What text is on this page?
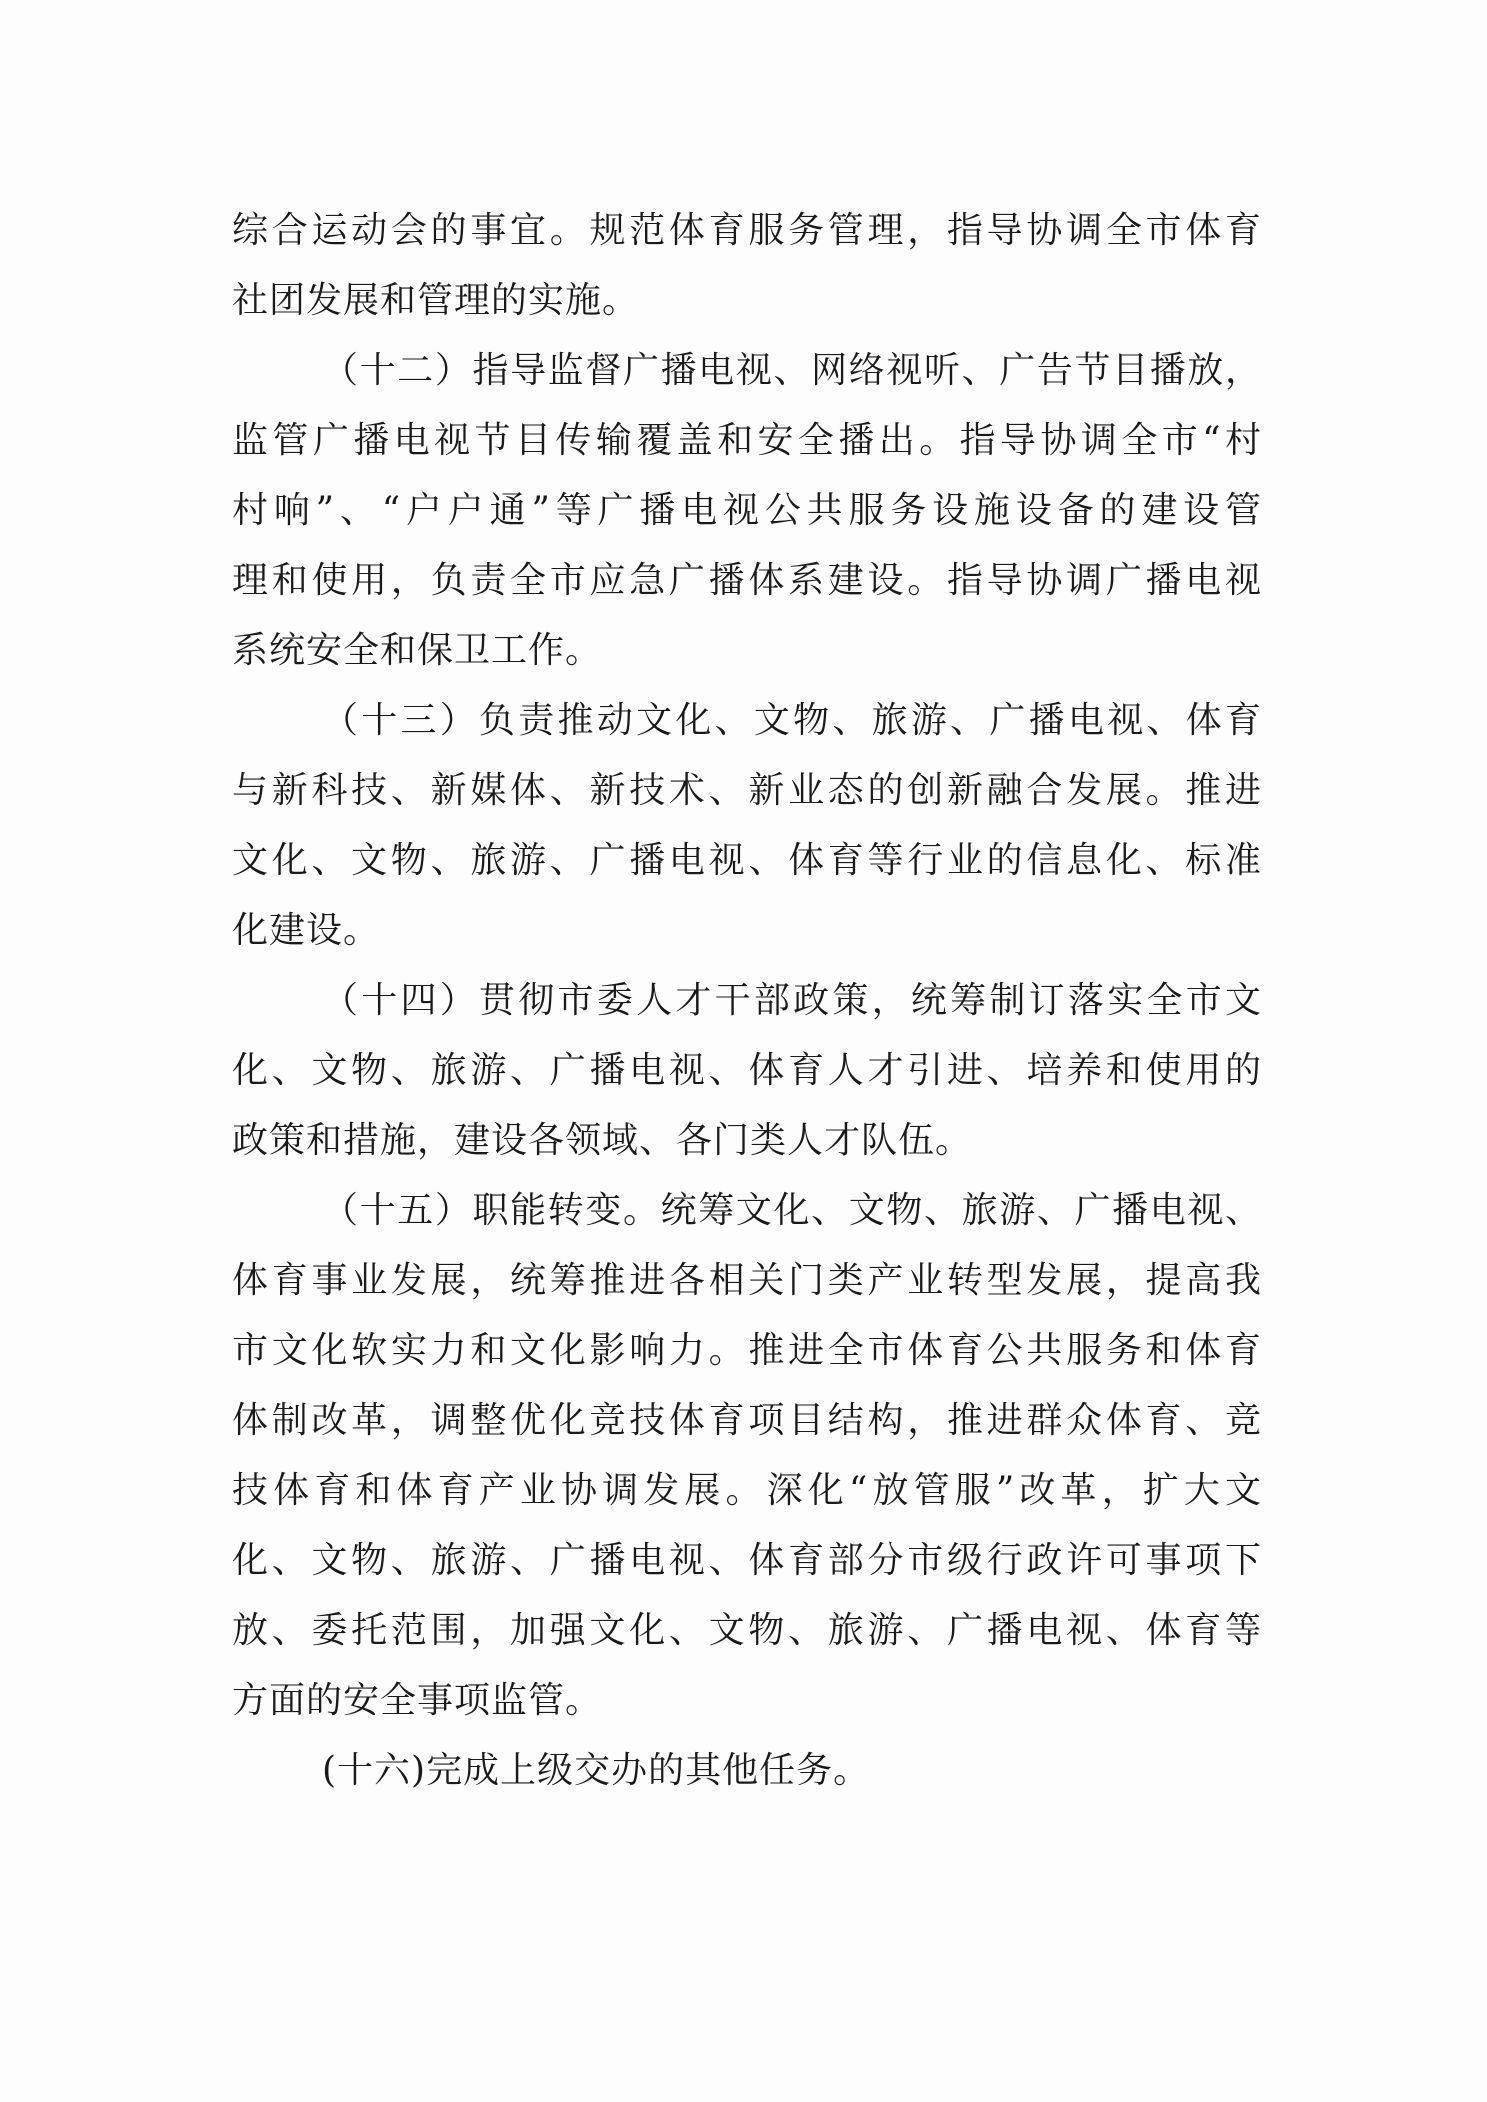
综合运动会的事宜。规范体育服务管理，指导协调全市体育
社团发展和管理的实施。
（十二）指导监督广播电视、网络视听、广告节目播放，
监管广播电视节目传输覆盖和安全播出。指导协调全市“村
村响”、“户户通”等广播电视公共服务设施设备的建设管
理和使用，负责全市应急广播体系建设。指导协调广播电视
系统安全和保卫工作。
（十三）负责推动文化、文物、旅游、广播电视、体育
与新科技、新媒体、新技术、新业态的创新融合发展。推进
文化、文物、旅游、广播电视、体育等行业的信息化、标准
化建设。
（十四）贯彻市委人才干部政策，统筹制订落实全市文
化、文物、旅游、广播电视、体育人才引进、培养和使用的
政策和措施，建设各领域、各门类人才队伍。
（十五）职能转变。统筹文化、文物、旅游、广播电视、
体育事业发展，统筹推进各相关门类产业转型发展，提高我
市文化软实力和文化影响力。推进全市体育公共服务和体育
体制改革，调整优化竞技体育项目结构，推进群众体育、竞
技体育和体育产业协调发展。深化“放管服”改革，扩大文
化、文物、旅游、广播电视、体育部分市级行政许可事项下
放、委托范围，加强文化、文物、旅游、广播电视、体育等
方面的安全事项监管。
(十六)完成上级交办的其他任务。
